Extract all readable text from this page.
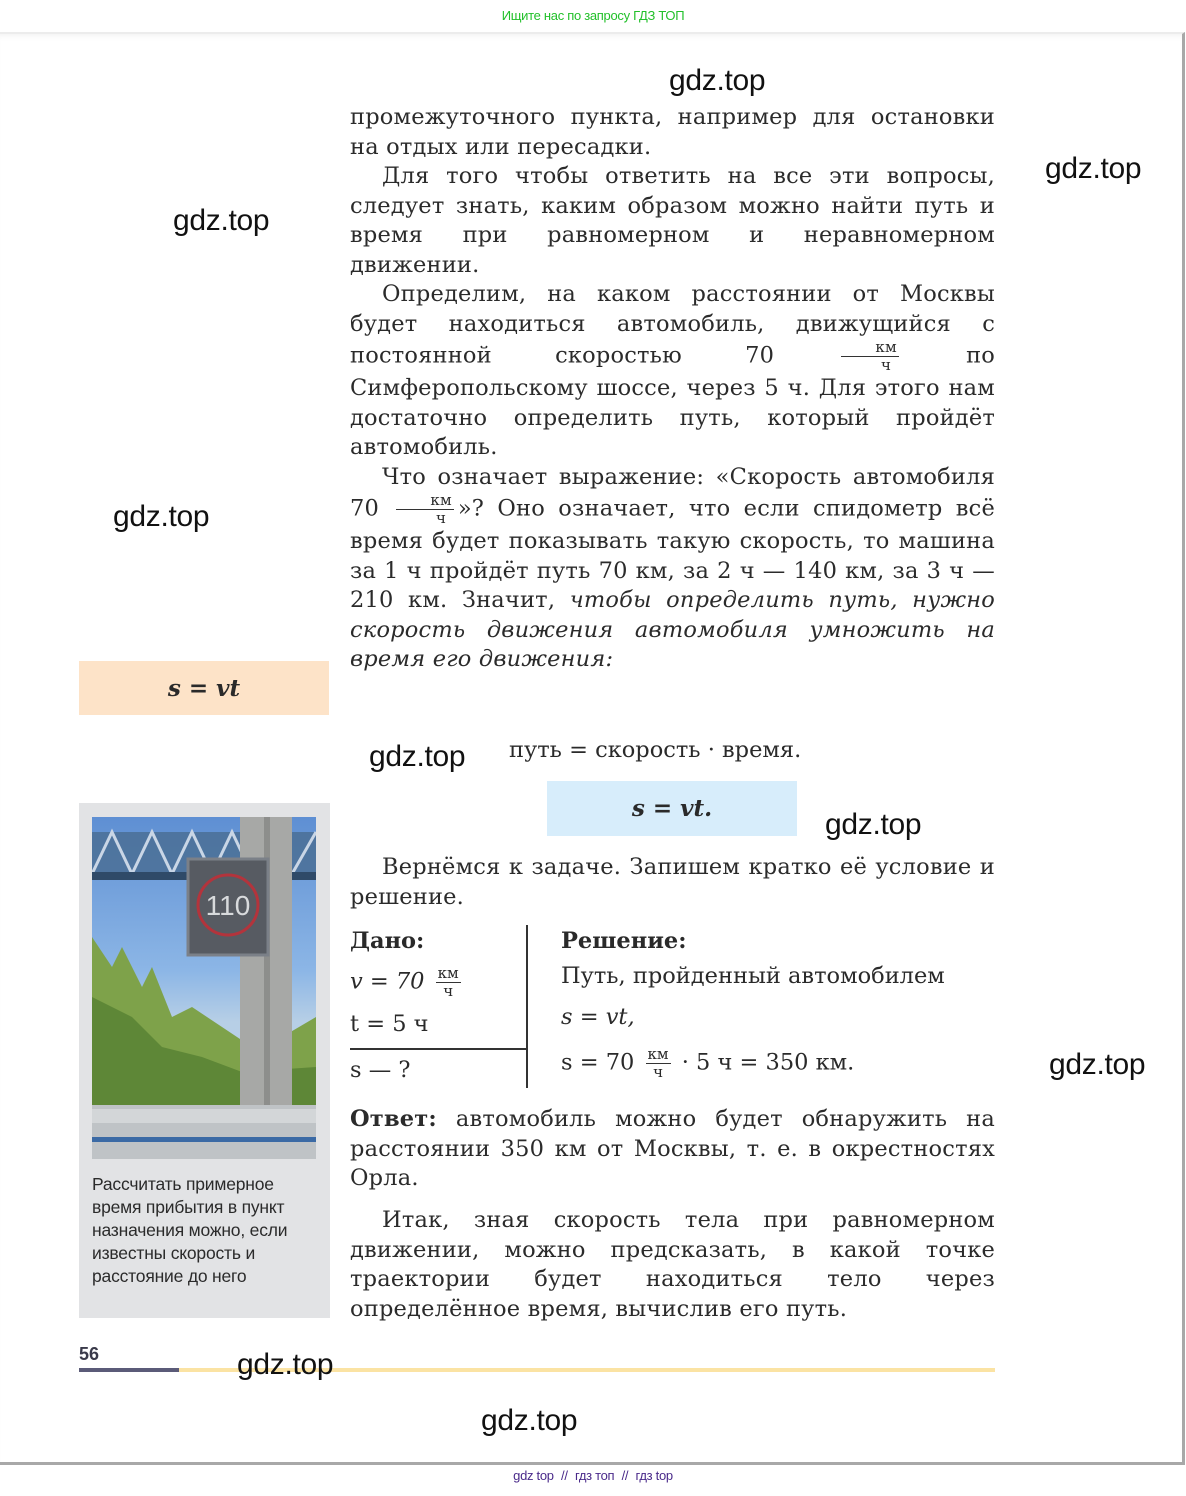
Ищите нас по запросу ГДЗ ТОП

промежуточного пункта, например для остановки на отдых или пересадки.

Для того чтобы ответить на все эти вопросы, следует знать, каким образом можно найти путь и время при равномерном и неравномерном движении.

Определим, на каком расстоянии от Москвы будет находиться автомобиль, движущийся с постоянной скоростью 70	$\frac{км}{ч}$	по Симферопольскому шоссе, через 5 ч. Для этого нам достаточно определить путь, который пройдёт автомобиль.

Что означает выражение: «Скорость автомобиля $70 \frac{км}{ч}$ »? Оно означает, что если спидометр всё время будет показывать такую скорость, то машина за 1 ч пройдёт путь 70 км, за 2 ч — 140 км, за 3 ч — 210 км. Значит, чтобы определить путь, нужно скорость движения автомобиля умножить на время его движения:

путь = скорость · время.
s = vt
s = vt.

Вернёмся к задаче. Запишем кратко её условие и решение.

Дано:
$v = 70 \frac{км}{ч}$
t = 5 ч
s — ?
Решение:
Путь, пройденный автомобилем
s = vt,
$s = 70 \frac{км}{ч} \cdot 5$ ч = 350 км.

Ответ: автомобиль можно будет обнаружить на расстоянии 350 км от Москвы, т. е. в окрестностях Орла.

Итак, зная скорость тела при равномерном движении, можно предсказать, в какой точке траектории будет находиться тело через определённое время, вычислив его путь.

110
Рассчитать примерное время прибытия в пункт назначения можно, если известны скорость и расстояние до него
56
gdz.top
gdz.top
gdz.top
gdz.top
gdz.top
gdz.top
gdz.top
gdz.top
gdz.top
gdz top // гдз топ // гдз top
